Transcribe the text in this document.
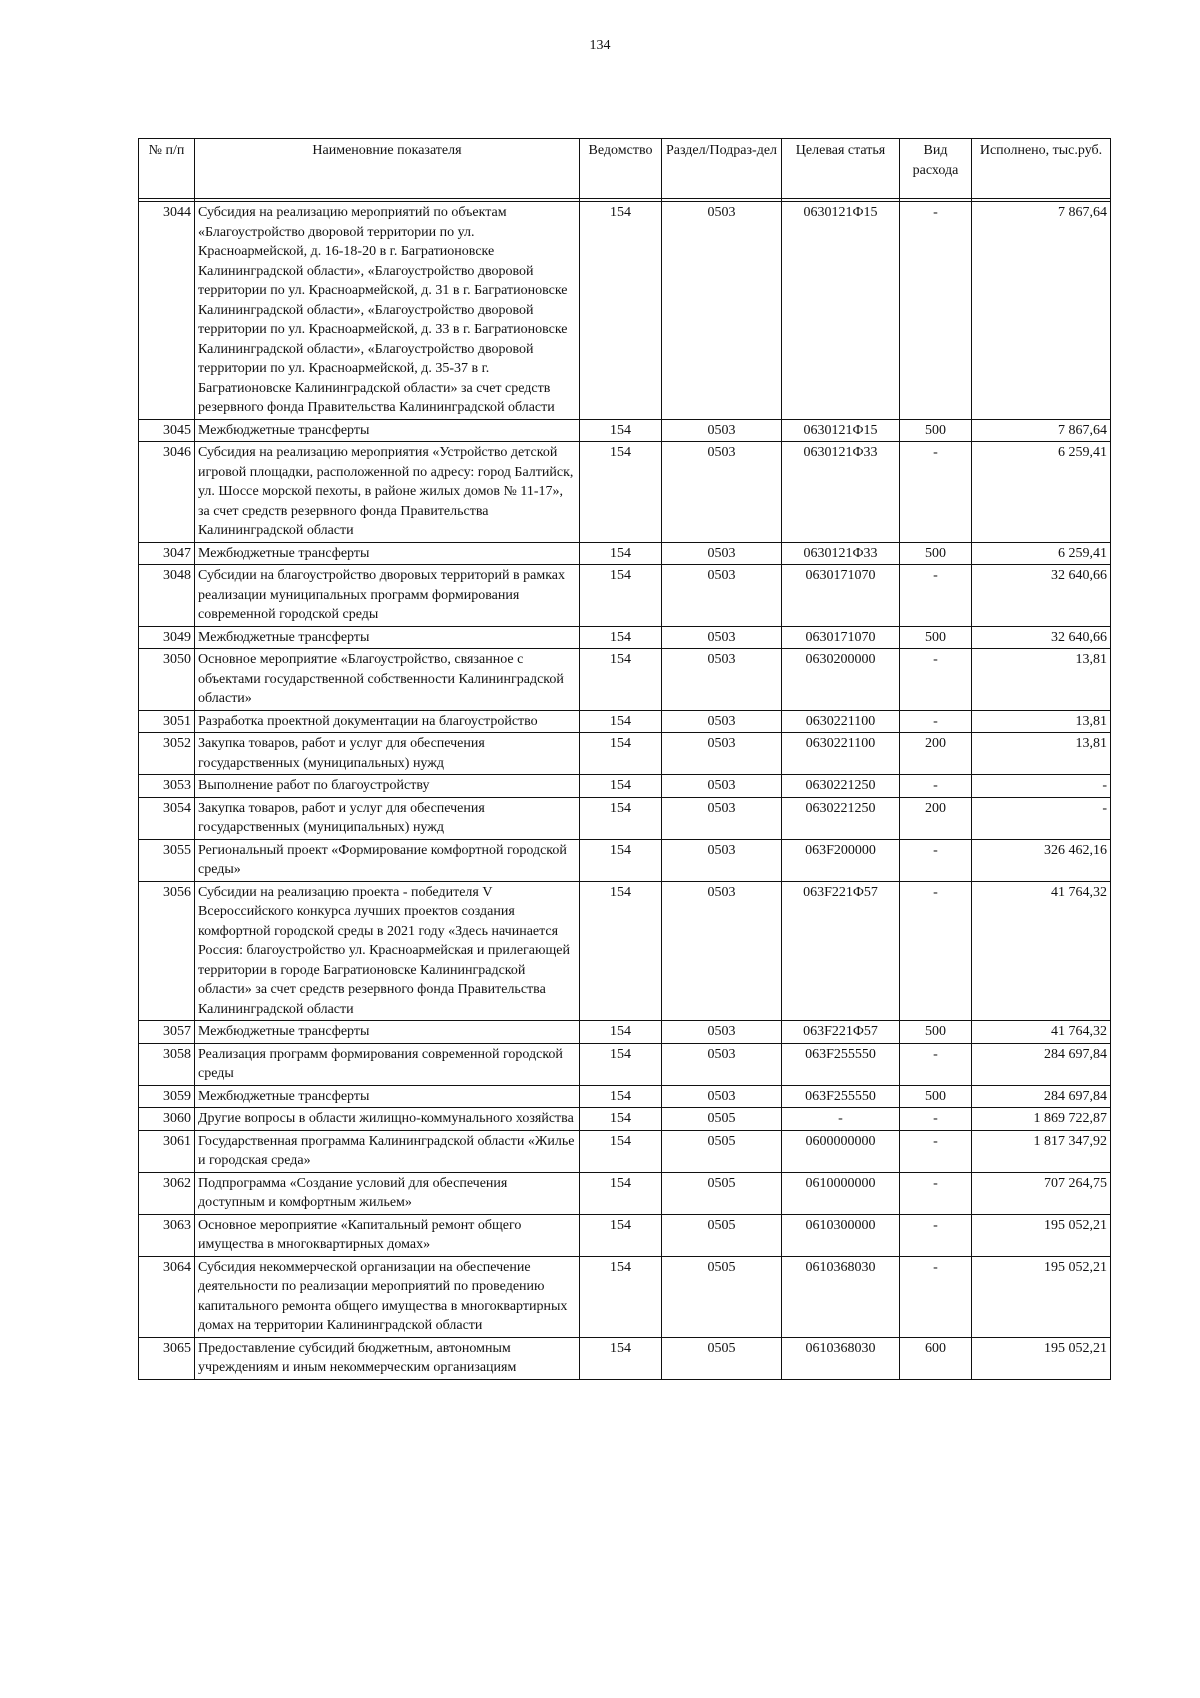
134
№ п/п	Наименовние показателя	Ведомство	Раздел/Подраз-дел	Целевая статья	Вид расхода	Исполнено, тыс.руб.

3044	Субсидия на реализацию мероприятий по объектам «Благоустройство дворовой территории по ул. Красноармейской, д. 16-18-20 в г. Багратионовске Калининградской области», «Благоустройство дворовой территории по ул. Красноармейской, д. 31 в г. Багратионовске Калининградской области», «Благоустройство дворовой территории по ул. Красноармейской, д. 33 в г. Багратионовске Калининградской области», «Благоустройство дворовой территории по ул. Красноармейской, д. 35-37 в г. Багратионовске Калининградской области» за счет средств резервного фонда Правительства Калининградской области	154	0503	0630121Ф15	-	7 867,64
3045	Межбюджетные трансферты	154	0503	0630121Ф15	500	7 867,64
3046	Субсидия на реализацию мероприятия «Устройство детской игровой площадки, расположенной по адресу: город Балтийск, ул. Шоссе морской пехоты, в районе жилых домов № 11-17», за счет средств резервного фонда Правительства Калининградской области	154	0503	0630121Ф33	-	6 259,41
3047	Межбюджетные трансферты	154	0503	0630121Ф33	500	6 259,41
3048	Субсидии на благоустройство дворовых территорий в рамках реализации муниципальных программ формирования современной городской среды	154	0503	0630171070	-	32 640,66
3049	Межбюджетные трансферты	154	0503	0630171070	500	32 640,66
3050	Основное мероприятие «Благоустройство, связанное с объектами государственной собственности Калининградской области»	154	0503	0630200000	-	13,81
3051	Разработка проектной документации на благоустройство	154	0503	0630221100	-	13,81
3052	Закупка товаров, работ и услуг для обеспечения государственных (муниципальных) нужд	154	0503	0630221100	200	13,81
3053	Выполнение работ по благоустройству	154	0503	0630221250	-	-
3054	Закупка товаров, работ и услуг для обеспечения государственных (муниципальных) нужд	154	0503	0630221250	200	-
3055	Региональный проект «Формирование комфортной городской среды»	154	0503	063F200000	-	326 462,16
3056	Субсидии на реализацию проекта - победителя V Всероссийского конкурса лучших проектов создания комфортной городской среды в 2021 году «Здесь начинается Россия: благоустройство ул. Красноармейская и прилегающей территории в городе Багратионовске Калининградской области» за счет средств резервного фонда Правительства Калининградской области	154	0503	063F221Ф57	-	41 764,32
3057	Межбюджетные трансферты	154	0503	063F221Ф57	500	41 764,32
3058	Реализация программ формирования современной городской среды	154	0503	063F255550	-	284 697,84
3059	Межбюджетные трансферты	154	0503	063F255550	500	284 697,84
3060	Другие вопросы в области жилищно-коммунального хозяйства	154	0505	-	-	1 869 722,87
3061	Государственная программа Калининградской области «Жилье и городская среда»	154	0505	0600000000	-	1 817 347,92
3062	Подпрограмма «Создание условий для обеспечения доступным и комфортным жильем»	154	0505	0610000000	-	707 264,75
3063	Основное мероприятие «Капитальный ремонт общего имущества в многоквартирных домах»	154	0505	0610300000	-	195 052,21
3064	Субсидия некоммерческой организации на обеспечение деятельности по реализации мероприятий по проведению капитального ремонта общего имущества в многоквартирных домах на территории Калининградской области	154	0505	0610368030	-	195 052,21
3065	Предоставление субсидий бюджетным, автономным учреждениям и иным некоммерческим организациям	154	0505	0610368030	600	195 052,21
